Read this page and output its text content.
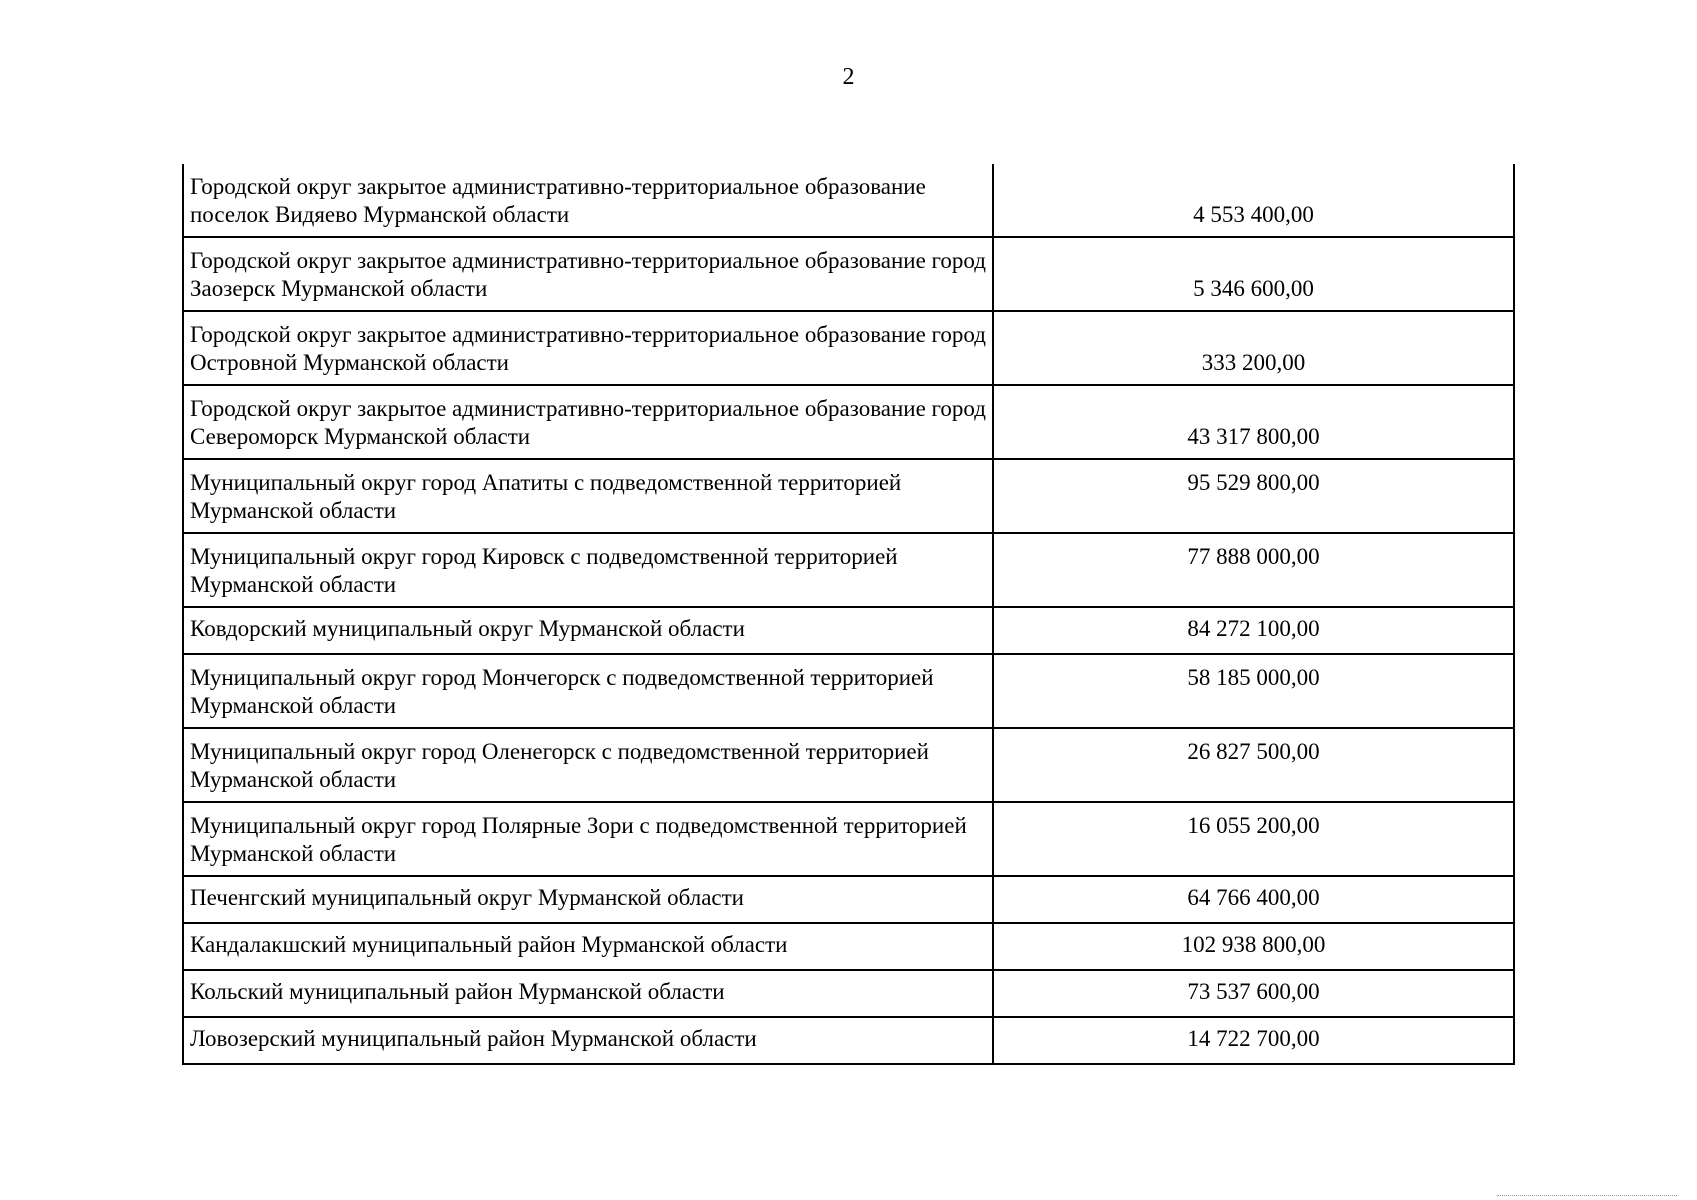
2
Городской округ закрытое административно-территориальное образование поселок Видяево Мурманской области	4 553 400,00

Городской округ закрытое административно-территориальное образование город Заозерск Мурманской области	5 346 600,00

Городской округ закрытое административно-территориальное образование город Островной Мурманской области	333 200,00

Городской округ закрытое административно-территориальное образование город Североморск Мурманской области	43 317 800,00

Муниципальный округ город Апатиты с подведомственной территорией Мурманской области	95 529 800,00

Муниципальный округ город Кировск с подведомственной территорией Мурманской области	77 888 000,00

Ковдорский муниципальный округ Мурманской области	84 272 100,00

Муниципальный округ город Мончегорск с подведомственной территорией Мурманской области	58 185 000,00

Муниципальный округ город Оленегорск с подведомственной территорией Мурманской области	26 827 500,00

Муниципальный округ город Полярные Зори с подведомственной территорией Мурманской области	16 055 200,00

Печенгский муниципальный округ Мурманской области	64 766 400,00

Кандалакшский муниципальный район Мурманской области	102 938 800,00

Кольский муниципальный район Мурманской области	73 537 600,00

Ловозерский муниципальный район Мурманской области	14 722 700,00
